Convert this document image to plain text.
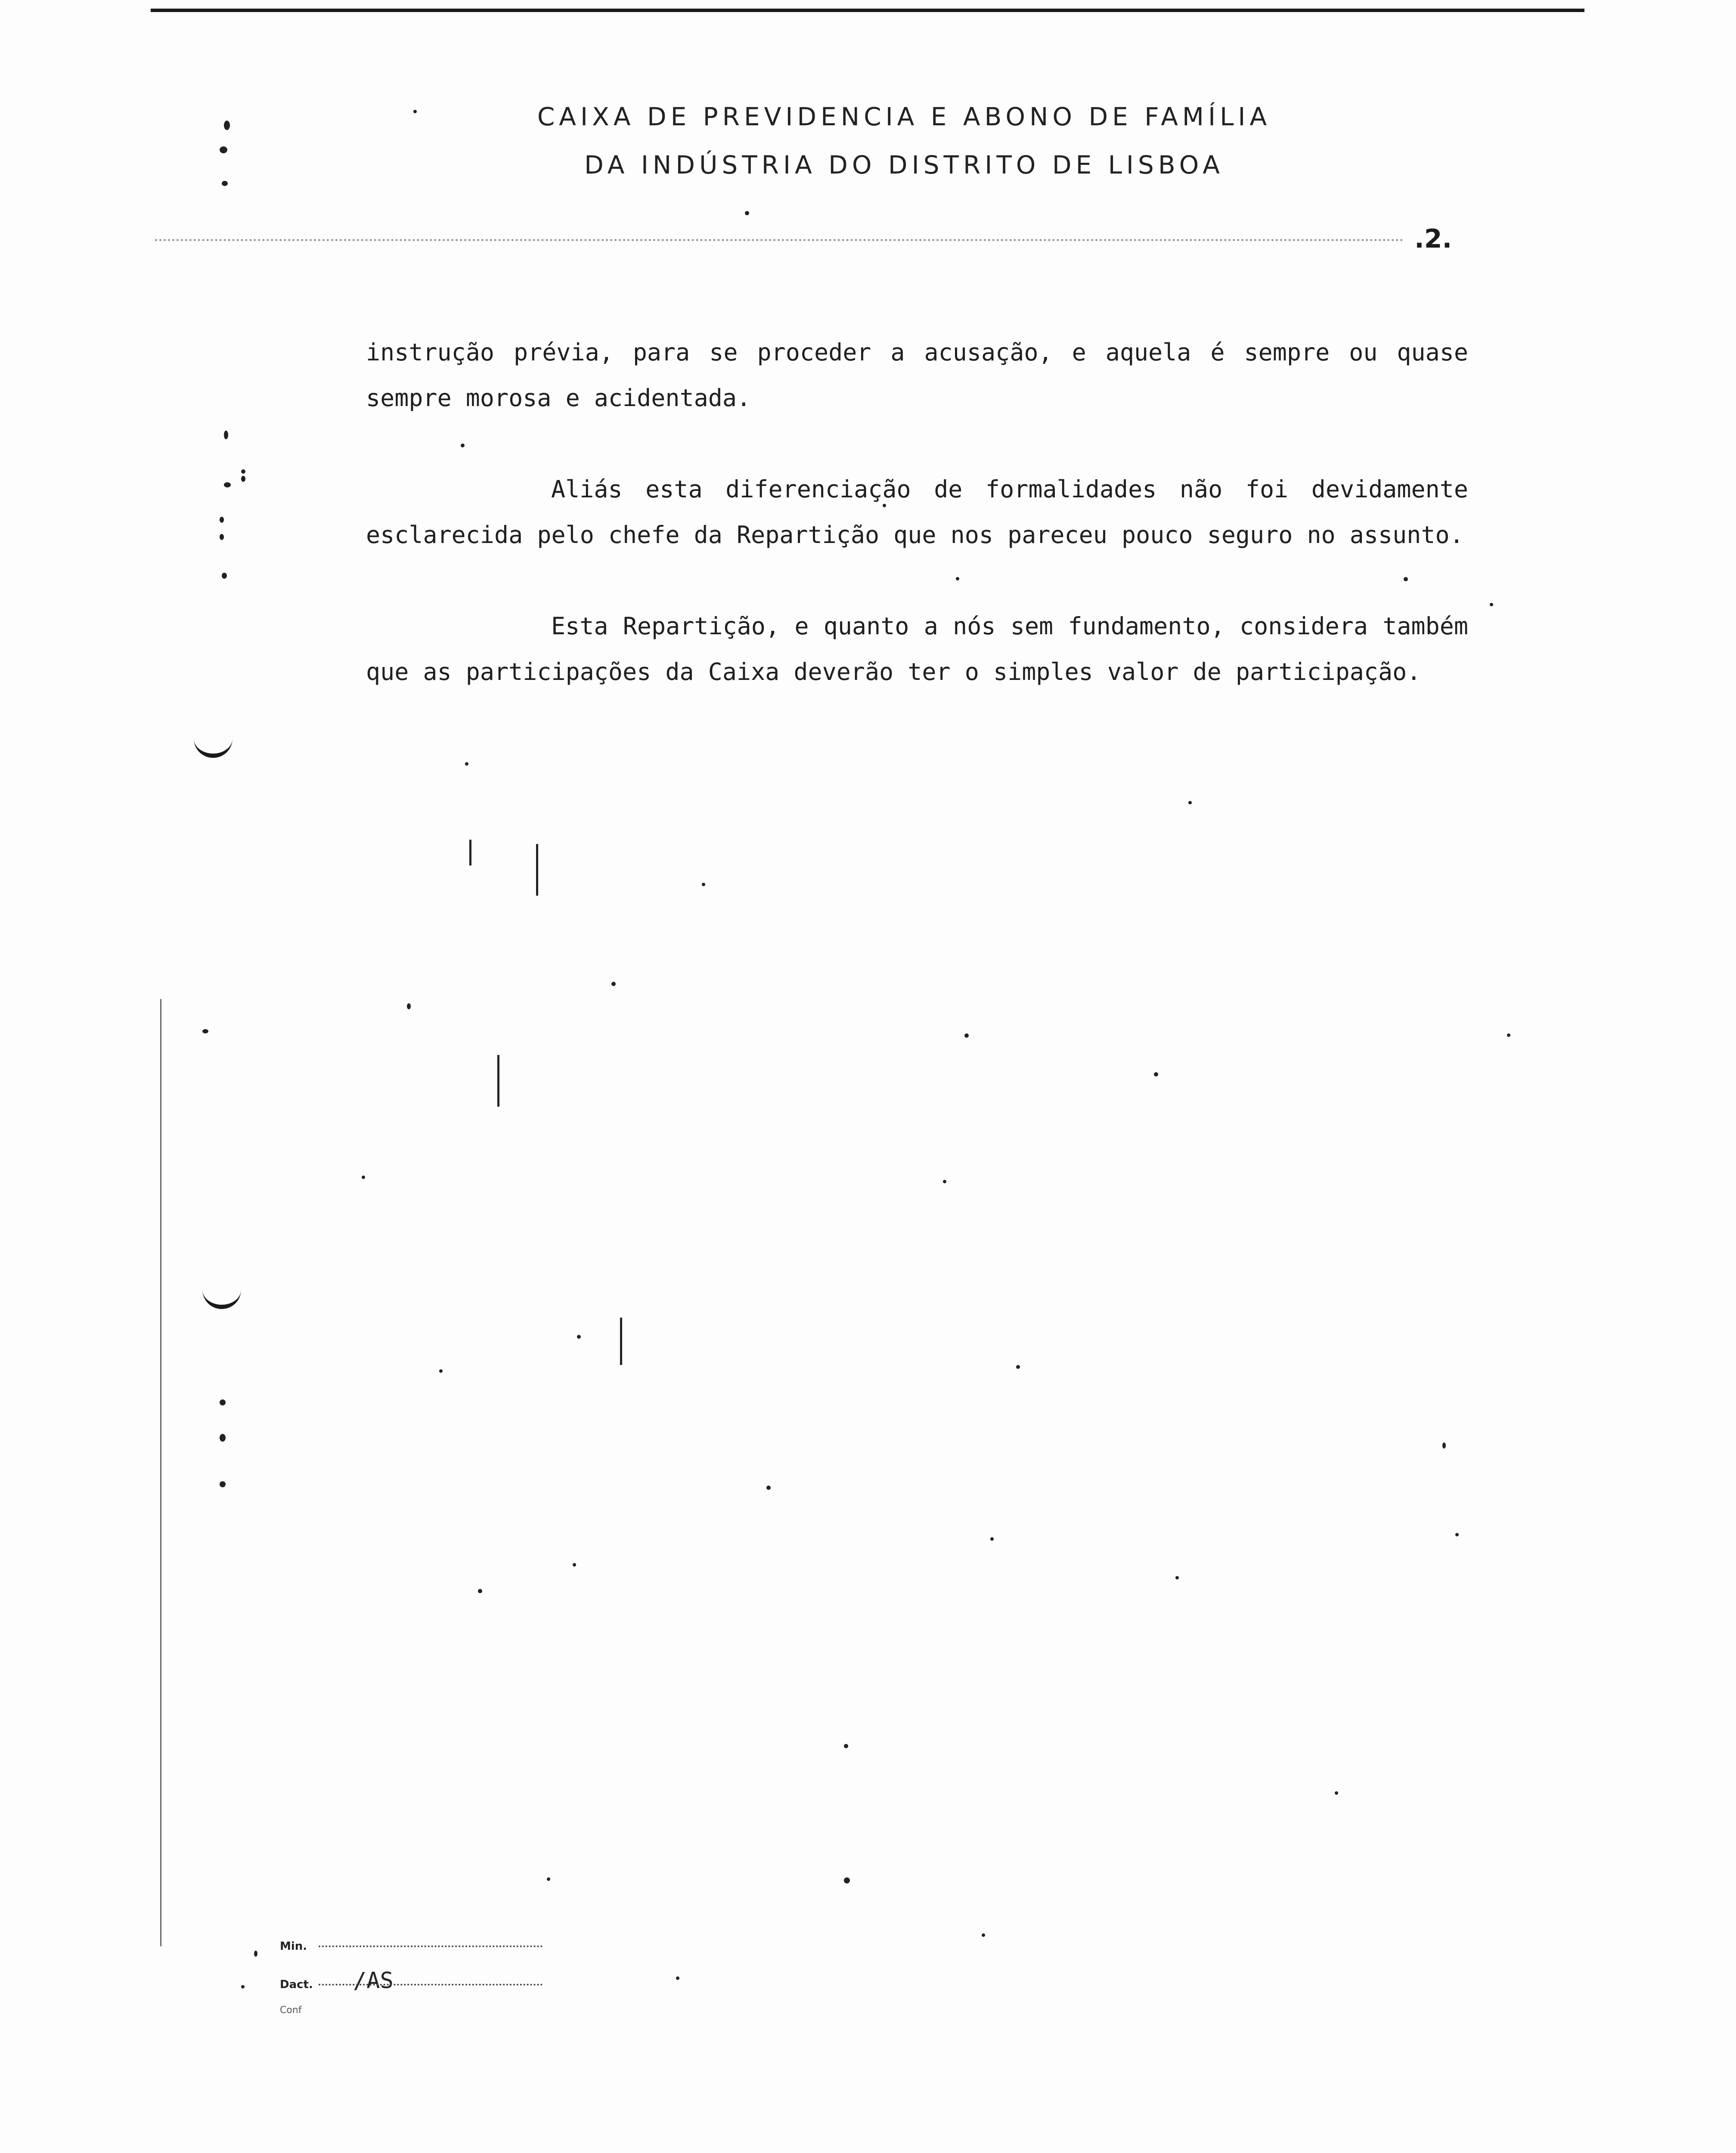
CAIXA DE PREVIDENCIA E ABONO DE FAMÍLIA
DA INDÚSTRIA DO DISTRITO DE LISBOA
.2.

instrução prévia, para se proceder a acusação, e aquela é sempre ou quase sempre morosa e acidentada.

Aliás esta diferenciação de formalidades não foi devidamente esclarecida pelo chefe da Repartição que nos pareceu pouco seguro no assunto.

Esta Repartição, e quanto a nós sem fundamento, considera também que as participações da Caixa deverão ter o simples valor de participação.

Min.
Dact. /AS
Conf
